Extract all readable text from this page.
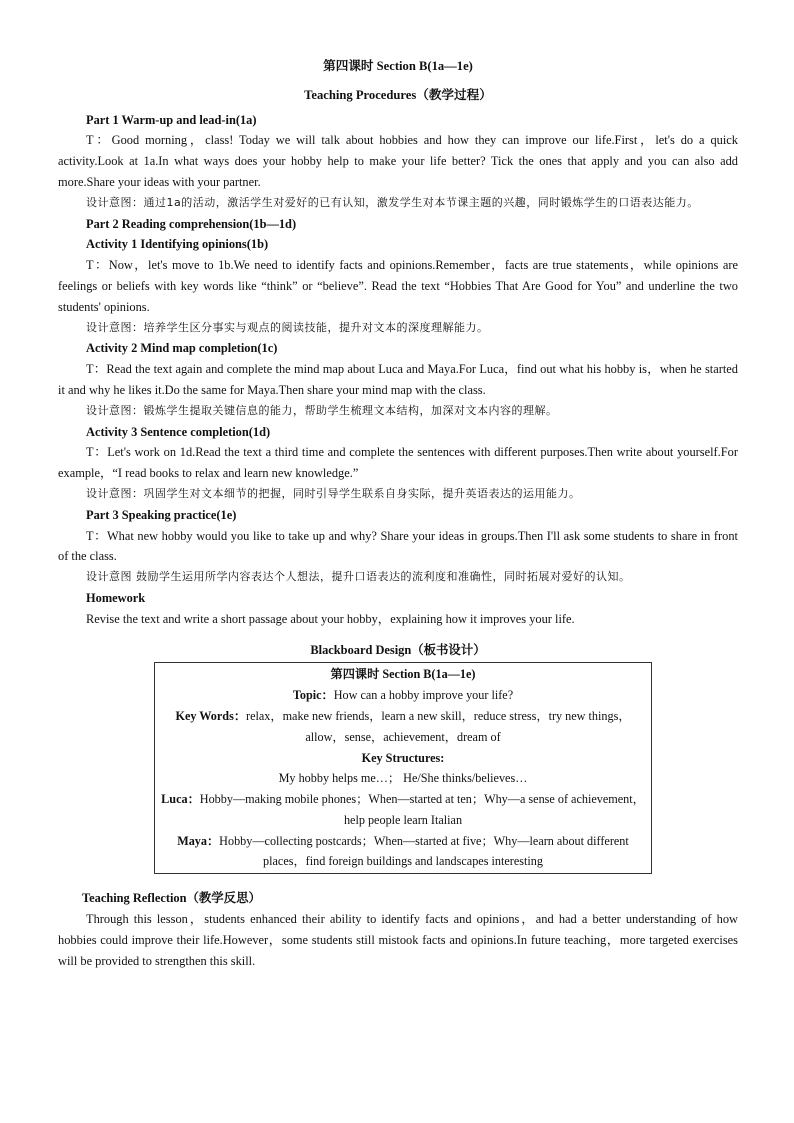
第四课时 Section B(1a—1e)
Teaching Procedures（教学过程）
Part 1 Warm-up and lead-in(1a)
T：Good morning，class! Today we will talk about hobbies and how they can improve our life.First，let's do a quick activity.Look at 1a.In what ways does your hobby help to make your life better? Tick the ones that apply and you can also add more.Share your ideas with your partner.
设计意图：通过1a的活动，激活学生对爱好的已有认知，激发学生对本节课主题的兴趣，同时锻炼学生的口语表达能力。
Part 2 Reading comprehension(1b—1d)
Activity 1 Identifying opinions(1b)
T：Now，let's move to 1b.We need to identify facts and opinions.Remember，facts are true statements，while opinions are feelings or beliefs with key words like “think” or “believe”. Read the text “Hobbies That Are Good for You” and underline the two students' opinions.
设计意图：培养学生区分事实与观点的阅读技能，提升对文本的深度理解能力。
Activity 2 Mind map completion(1c)
T：Read the text again and complete the mind map about Luca and Maya.For Luca，find out what his hobby is，when he started it and why he likes it.Do the same for Maya.Then share your mind map with the class.
设计意图：锻炼学生提取关键信息的能力，帮助学生梳理文本结构，加深对文本内容的理解。
Activity 3 Sentence completion(1d)
T：Let's work on 1d.Read the text a third time and complete the sentences with different purposes.Then write about yourself.For example，“I read books to relax and learn new knowledge.”
设计意图：巩固学生对文本细节的把握，同时引导学生联系自身实际，提升英语表达的运用能力。
Part 3 Speaking practice(1e)
T：What new hobby would you like to take up and why? Share your ideas in groups.Then I'll ask some students to share in front of the class.
设计意图 鼓励学生运用所学内容表达个人想法，提升口语表达的流利度和准确性，同时拓展对爱好的认知。
Homework
Revise the text and write a short passage about your hobby，explaining how it improves your life.
Blackboard Design（板书设计）
第四课时 Section B(1a—1e)
Topic：How can a hobby improve your life?
Key Words：relax，make new friends，learn a new skill，reduce stress，try new things，allow，sense，achievement，dream of
Key Structures:
My hobby helps me…； He/She thinks/believes…
Luca：Hobby—making mobile phones；When—started at ten；Why—a sense of achievement，help people learn Italian
Maya：Hobby—collecting postcards；When—started at five；Why—learn about different places，find foreign buildings and landscapes interesting
Teaching Reflection（教学反思）
Through this lesson，students enhanced their ability to identify facts and opinions，and had a better understanding of how hobbies could improve their life.However，some students still mistook facts and opinions.In future teaching，more targeted exercises will be provided to strengthen this skill.
